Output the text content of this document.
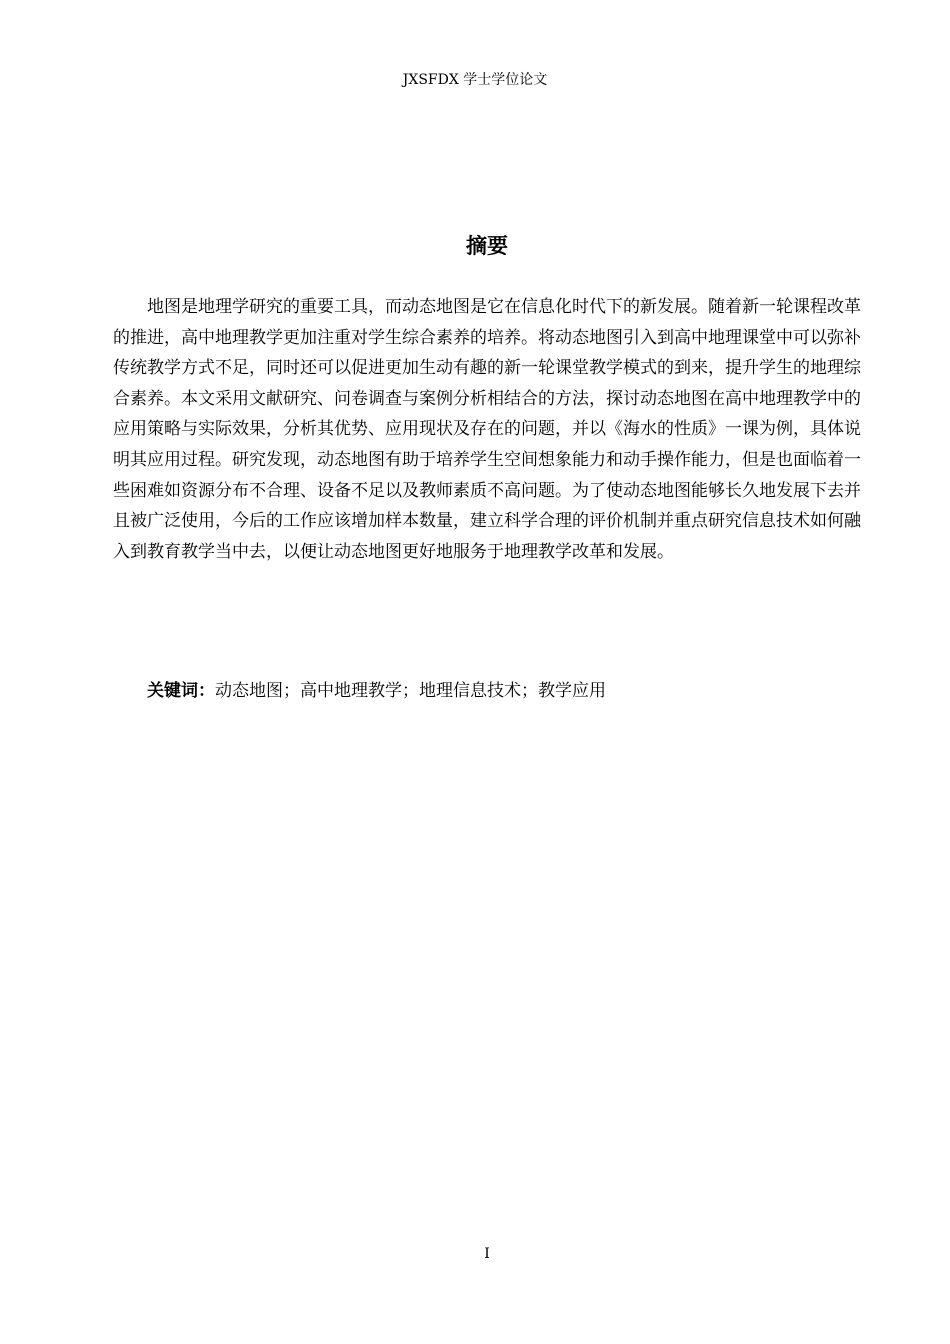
JXSFDX 学士学位论文
摘要

地图是地理学研究的重要工具，而动态地图是它在信息化时代下的新发展。随着新一轮课程改革的推进，高中地理教学更加注重对学生综合素养的培养。将动态地图引入到高中地理课堂中可以弥补传统教学方式不足，同时还可以促进更加生动有趣的新一轮课堂教学模式的到来，提升学生的地理综合素养。本文采用文献研究、问卷调查与案例分析相结合的方法，探讨动态地图在高中地理教学中的应用策略与实际效果，分析其优势、应用现状及存在的问题，并以《海水的性质》一课为例，具体说明其应用过程。研究发现，动态地图有助于培养学生空间想象能力和动手操作能力，但是也面临着一些困难如资源分布不合理、设备不足以及教师素质不高问题。为了使动态地图能够长久地发展下去并且被广泛使用，今后的工作应该增加样本数量，建立科学合理的评价机制并重点研究信息技术如何融入到教育教学当中去，以便让动态地图更好地服务于地理教学改革和发展。

关键词：动态地图；高中地理教学；地理信息技术；教学应用

I
